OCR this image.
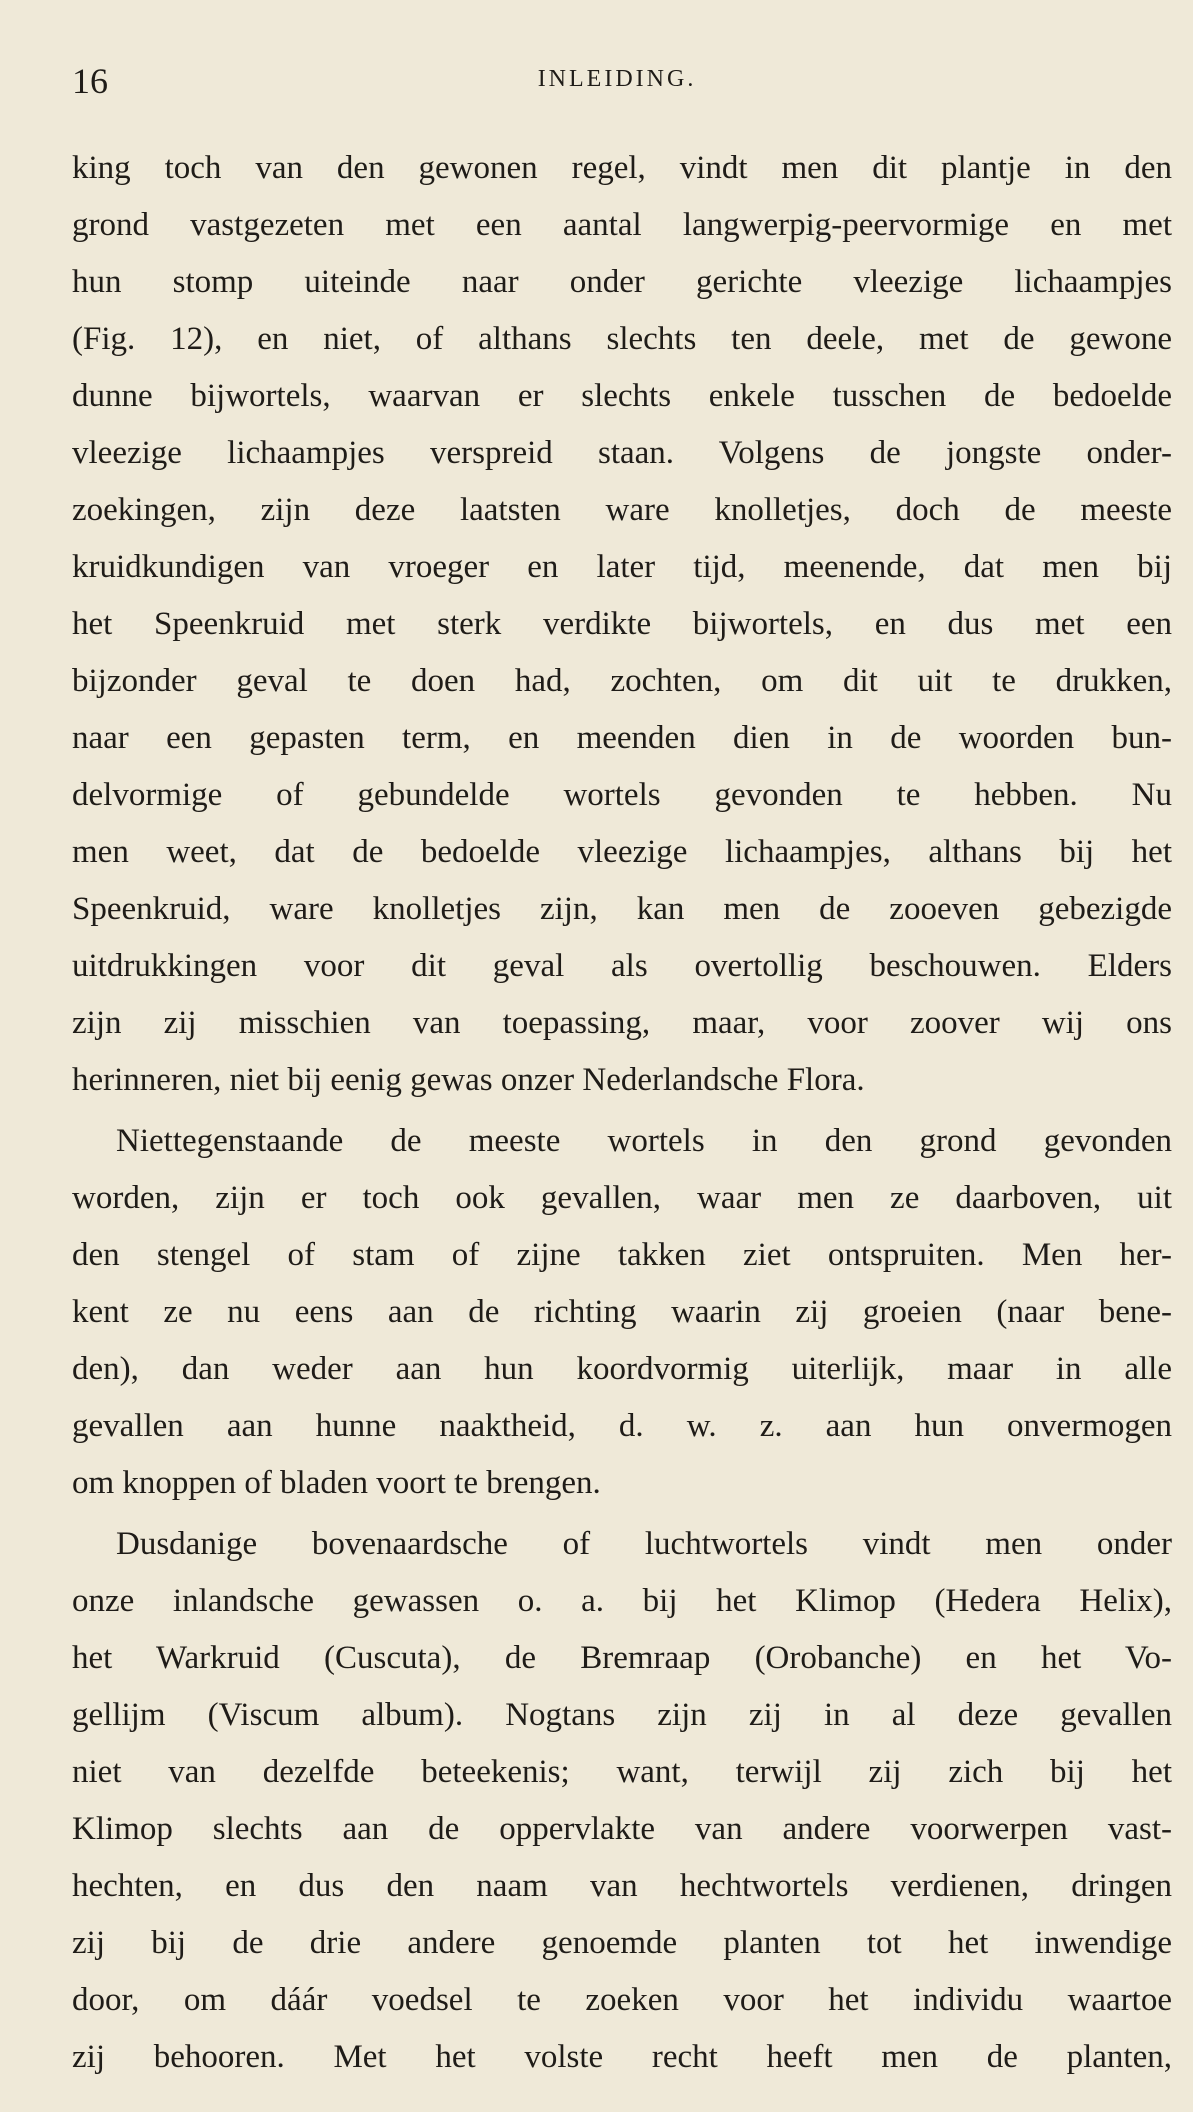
16	INLEIDING.
king toch van den gewonen regel, vindt men dit plantje in den
grond vastgezeten met een aantal langwerpig-peervormige en met
hun stomp uiteinde naar onder gerichte vleezige lichaampjes
(Fig. 12), en niet, of althans slechts ten deele, met de gewone
dunne bijwortels, waarvan er slechts enkele tusschen de bedoelde
vleezige lichaampjes verspreid staan. Volgens de jongste onder-
zoekingen, zijn deze laatsten ware knolletjes, doch de meeste
kruidkundigen van vroeger en later tijd, meenende, dat men bij
het Speenkruid met sterk verdikte bijwortels, en dus met een
bijzonder geval te doen had, zochten, om dit uit te drukken,
naar een gepasten term, en meenden dien in de woorden bun-
delvormige of gebundelde wortels gevonden te hebben. Nu
men weet, dat de bedoelde vleezige lichaampjes, althans bij het
Speenkruid, ware knolletjes zijn, kan men de zooeven gebezigde
uitdrukkingen voor dit geval als overtollig beschouwen. Elders
zijn zij misschien van toepassing, maar, voor zoover wij ons
herinneren, niet bij eenig gewas onzer Nederlandsche Flora.
Niettegenstaande de meeste wortels in den grond gevonden
worden, zijn er toch ook gevallen, waar men ze daarboven, uit
den stengel of stam of zijne takken ziet ontspruiten. Men her-
kent ze nu eens aan de richting waarin zij groeien (naar bene-
den), dan weder aan hun koordvormig uiterlijk, maar in alle
gevallen aan hunne naaktheid, d. w. z. aan hun onvermogen
om knoppen of bladen voort te brengen.
Dusdanige bovenaardsche of luchtwortels vindt men onder
onze inlandsche gewassen o. a. bij het Klimop (Hedera Helix),
het Warkruid (Cuscuta), de Bremraap (Orobanche) en het Vo-
gellijm (Viscum album). Nogtans zijn zij in al deze gevallen
niet van dezelfde beteekenis; want, terwijl zij zich bij het
Klimop slechts aan de oppervlakte van andere voorwerpen vast-
hechten, en dus den naam van hechtwortels verdienen, dringen
zij bij de drie andere genoemde planten tot het inwendige
door, om dáár voedsel te zoeken voor het individu waartoe
zij behooren. Met het volste recht heeft men de planten,
